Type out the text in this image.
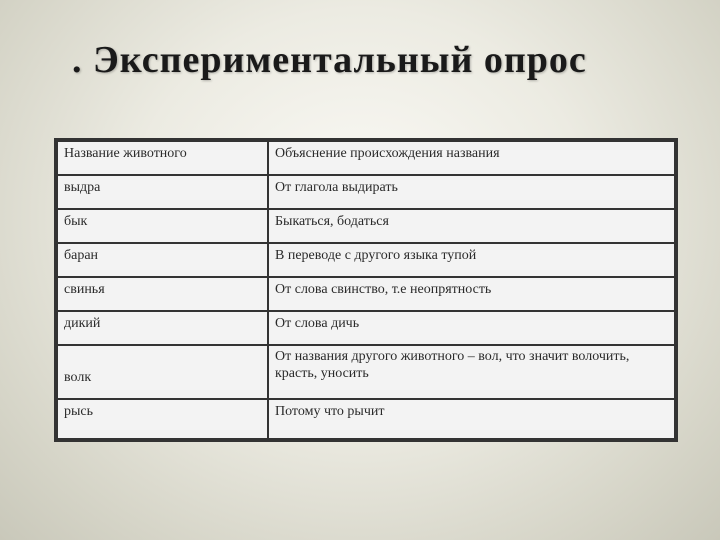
. Экспериментальный опрос
Название животного	Объяснение происхождения названия
выдра	От глагола выдирать
бык	Быкаться, бодаться
баран	В переводе с другого языка тупой
свинья	От слова свинство, т.е неопрятность
дикий	От слова дичь
волк	От названия другого животного – вол, что значит волочить, красть, уносить
рысь	Потому что рычит
